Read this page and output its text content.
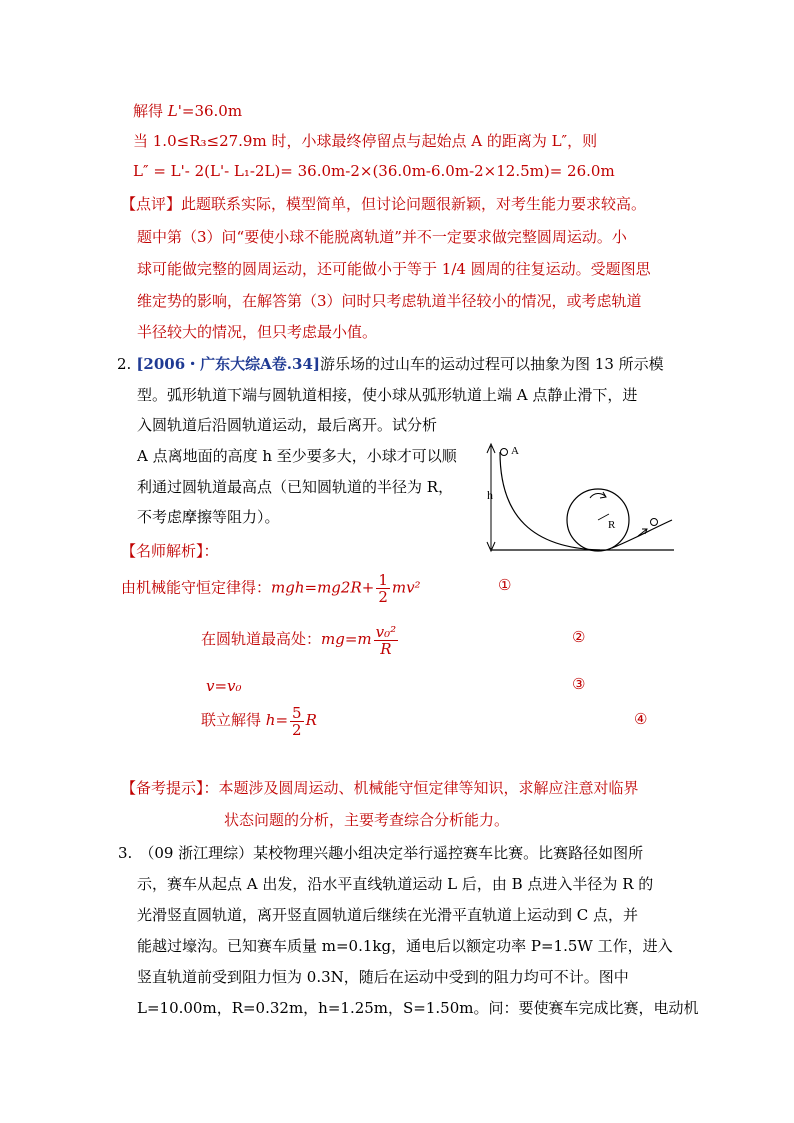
解得 L'=36.0m
当 1.0≤R₃≤27.9m 时，小球最终停留点与起始点 A 的距离为 L″，则
L″ = L'- 2(L'- L₁-2L)= 36.0m-2×(36.0m-6.0m-2×12.5m)= 26.0m
【点评】此题联系实际，模型简单，但讨论问题很新颖，对考生能力要求较高。
题中第（3）问“要使小球不能脱离轨道”并不一定要求做完整圆周运动。小
球可能做完整的圆周运动，还可能做小于等于 1/4 圆周的往复运动。受题图思
维定势的影响，在解答第（3）问时只考虑轨道半径较小的情况，或考虑轨道
半径较大的情况，但只考虑最小值。
2. [2006・广东大综A卷.34]游乐场的过山车的运动过程可以抽象为图 13 所示模
型。弧形轨道下端与圆轨道相接，使小球从弧形轨道上端 A 点静止滑下，进
入圆轨道后沿圆轨道运动，最后离开。试分析
A 点离地面的高度 h 至少要多大，小球才可以顺
利通过圆轨道最高点（已知圆轨道的半径为 R，
不考虑摩擦等阻力）。
h
A
R
【名师解析】：
由机械能守恒定律得：$mgh=mg2R+ \frac{1}{2} mv^2$	①
在圆轨道最高处：$mg=m \frac{\text{v₀²}}{R}$	②
v=v₀	③
联立解得 $h= \frac{5}{2}$ R	④
【备考提示】：本题涉及圆周运动、机械能守恒定律等知识，求解应注意对临界
状态问题的分析，主要考查综合分析能力。
3. （09 浙江理综）某校物理兴趣小组决定举行遥控赛车比赛。比赛路径如图所
示，赛车从起点 A 出发，沿水平直线轨道运动 L 后，由 B 点进入半径为 R 的
光滑竖直圆轨道，离开竖直圆轨道后继续在光滑平直轨道上运动到 C 点，并
能越过壕沟。已知赛车质量 m=0.1kg，通电后以额定功率 P=1.5W 工作，进入
竖直轨道前受到阻力恒为 0.3N，随后在运动中受到的阻力均可不计。图中
L=10.00m，R=0.32m，h=1.25m，S=1.50m。问：要使赛车完成比赛，电动机
